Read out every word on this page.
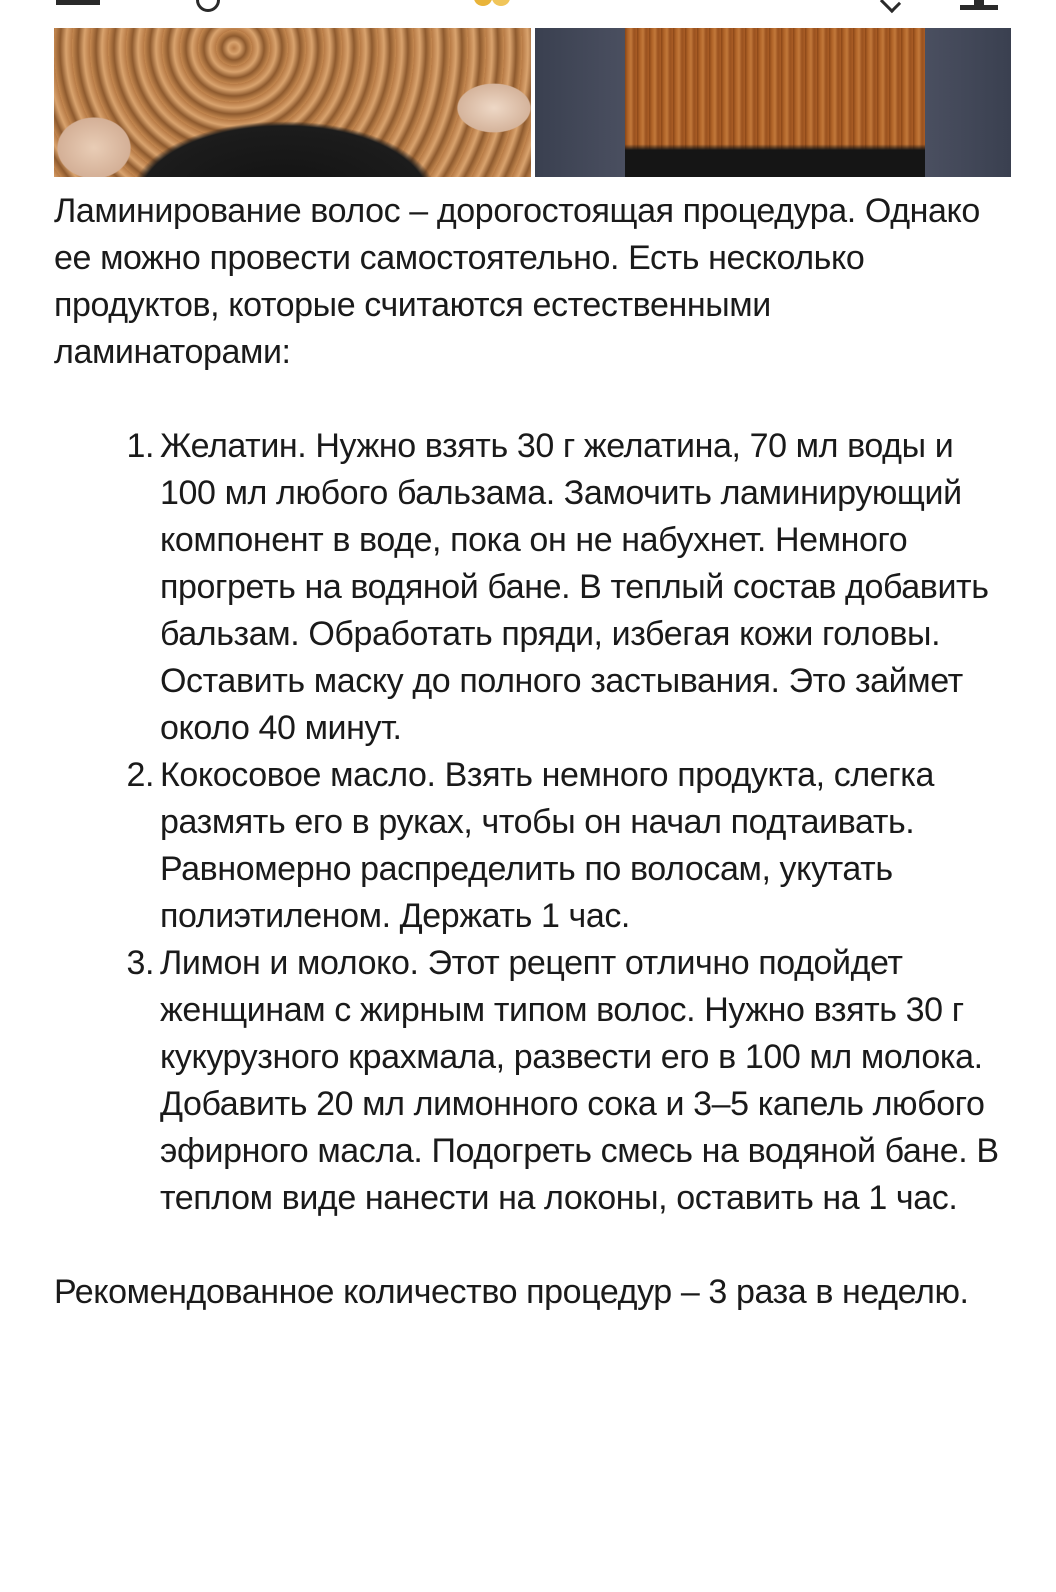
Ламинирование волос – дорогостоящая процедура. Однако ее можно провести самостоятельно. Есть несколько продуктов, которые считаются естественными ламинаторами:

1. Желатин. Нужно взять 30 г желатина, 70 мл воды и 100 мл любого бальзама. Замочить ламинирующий компонент в воде, пока он не набухнет. Немного прогреть на водяной бане. В теплый состав добавить бальзам. Обработать пряди, избегая кожи головы. Оставить маску до полного застывания. Это займет около 40 минут.
2. Кокосовое масло. Взять немного продукта, слегка размять его в руках, чтобы он начал подтаивать. Равномерно распределить по волосам, укутать полиэтиленом. Держать 1 час.
3. Лимон и молоко. Этот рецепт отлично подойдет женщинам с жирным типом волос. Нужно взять 30 г кукурузного крахмала, развести его в 100 мл молока. Добавить 20 мл лимонного сока и 3–5 капель любого эфирного масла. Подогреть смесь на водяной бане. В теплом виде нанести на локоны, оставить на 1 час.

Рекомендованное количество процедур – 3 раза в неделю.
